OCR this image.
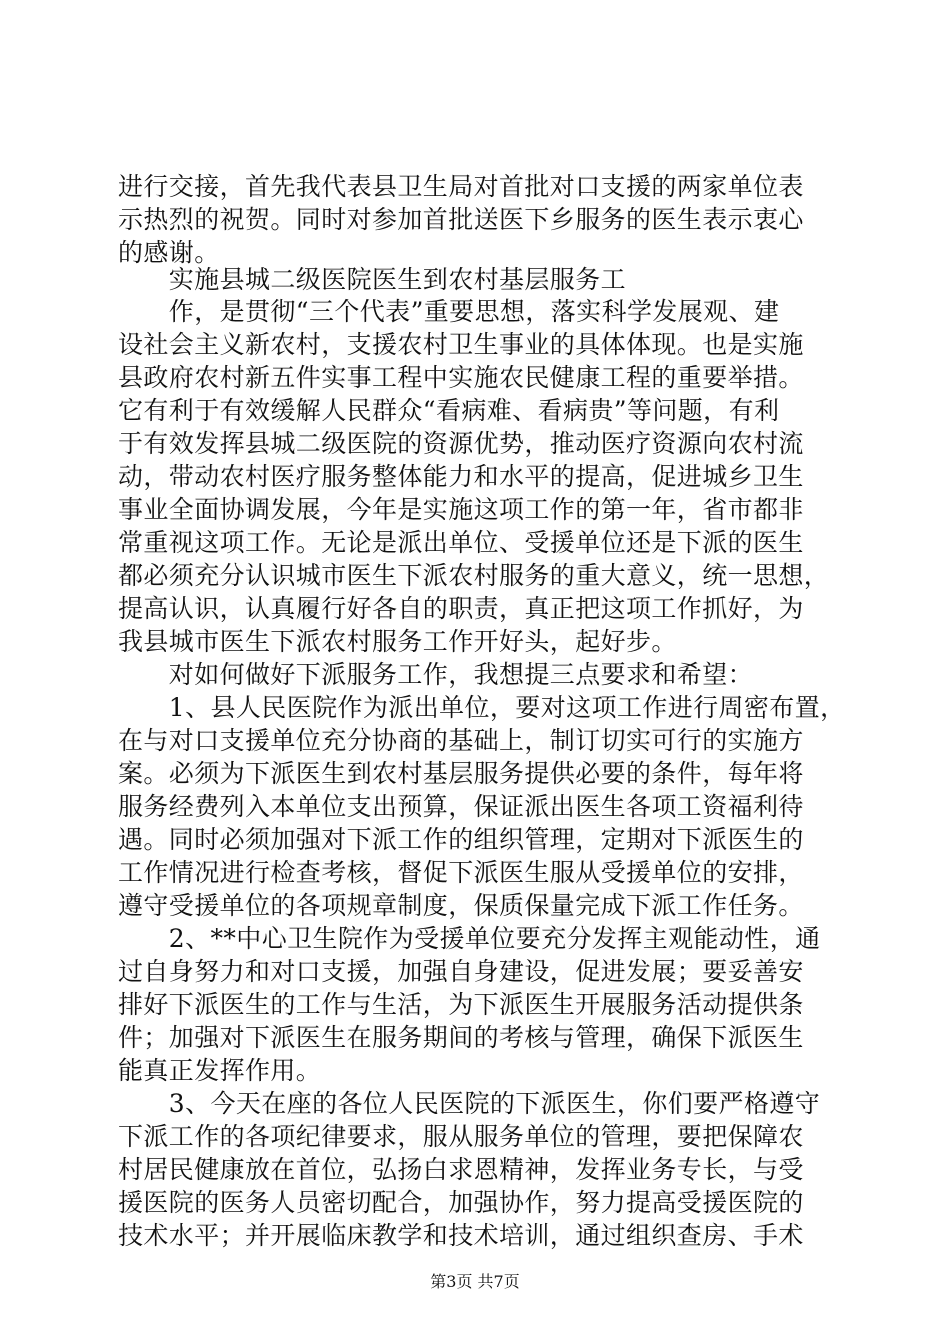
进行交接，首先我代表县卫生局对首批对口支援的两家单位表
示热烈的祝贺。同时对参加首批送医下乡服务的医生表示衷心
的感谢。
　　实施县城二级医院医生到农村基层服务工
　　作，是贯彻“三个代表”重要思想，落实科学发展观、建
设社会主义新农村，支援农村卫生事业的具体体现。也是实施
县政府农村新五件实事工程中实施农民健康工程的重要举措。
它有利于有效缓解人民群众“看病难、看病贵”等问题，有利
于有效发挥县城二级医院的资源优势，推动医疗资源向农村流
动，带动农村医疗服务整体能力和水平的提高，促进城乡卫生
事业全面协调发展，今年是实施这项工作的第一年，省市都非
常重视这项工作。无论是派出单位、受援单位还是下派的医生
都必须充分认识城市医生下派农村服务的重大意义，统一思想，
提高认识，认真履行好各自的职责，真正把这项工作抓好，为
我县城市医生下派农村服务工作开好头，起好步。
　　对如何做好下派服务工作，我想提三点要求和希望：
　　1、县人民医院作为派出单位，要对这项工作进行周密布置，
在与对口支援单位充分协商的基础上，制订切实可行的实施方
案。必须为下派医生到农村基层服务提供必要的条件，每年将
服务经费列入本单位支出预算，保证派出医生各项工资福利待
遇。同时必须加强对下派工作的组织管理，定期对下派医生的
工作情况进行检查考核，督促下派医生服从受援单位的安排，
遵守受援单位的各项规章制度，保质保量完成下派工作任务。
　　2、**中心卫生院作为受援单位要充分发挥主观能动性，通
过自身努力和对口支援，加强自身建设，促进发展；要妥善安
排好下派医生的工作与生活，为下派医生开展服务活动提供条
件；加强对下派医生在服务期间的考核与管理，确保下派医生
能真正发挥作用。
　　3、今天在座的各位人民医院的下派医生，你们要严格遵守
下派工作的各项纪律要求，服从服务单位的管理，要把保障农
村居民健康放在首位，弘扬白求恩精神，发挥业务专长，与受
援医院的医务人员密切配合，加强协作，努力提高受援医院的
技术水平；并开展临床教学和技术培训，通过组织查房、手术
第3页 共7页
